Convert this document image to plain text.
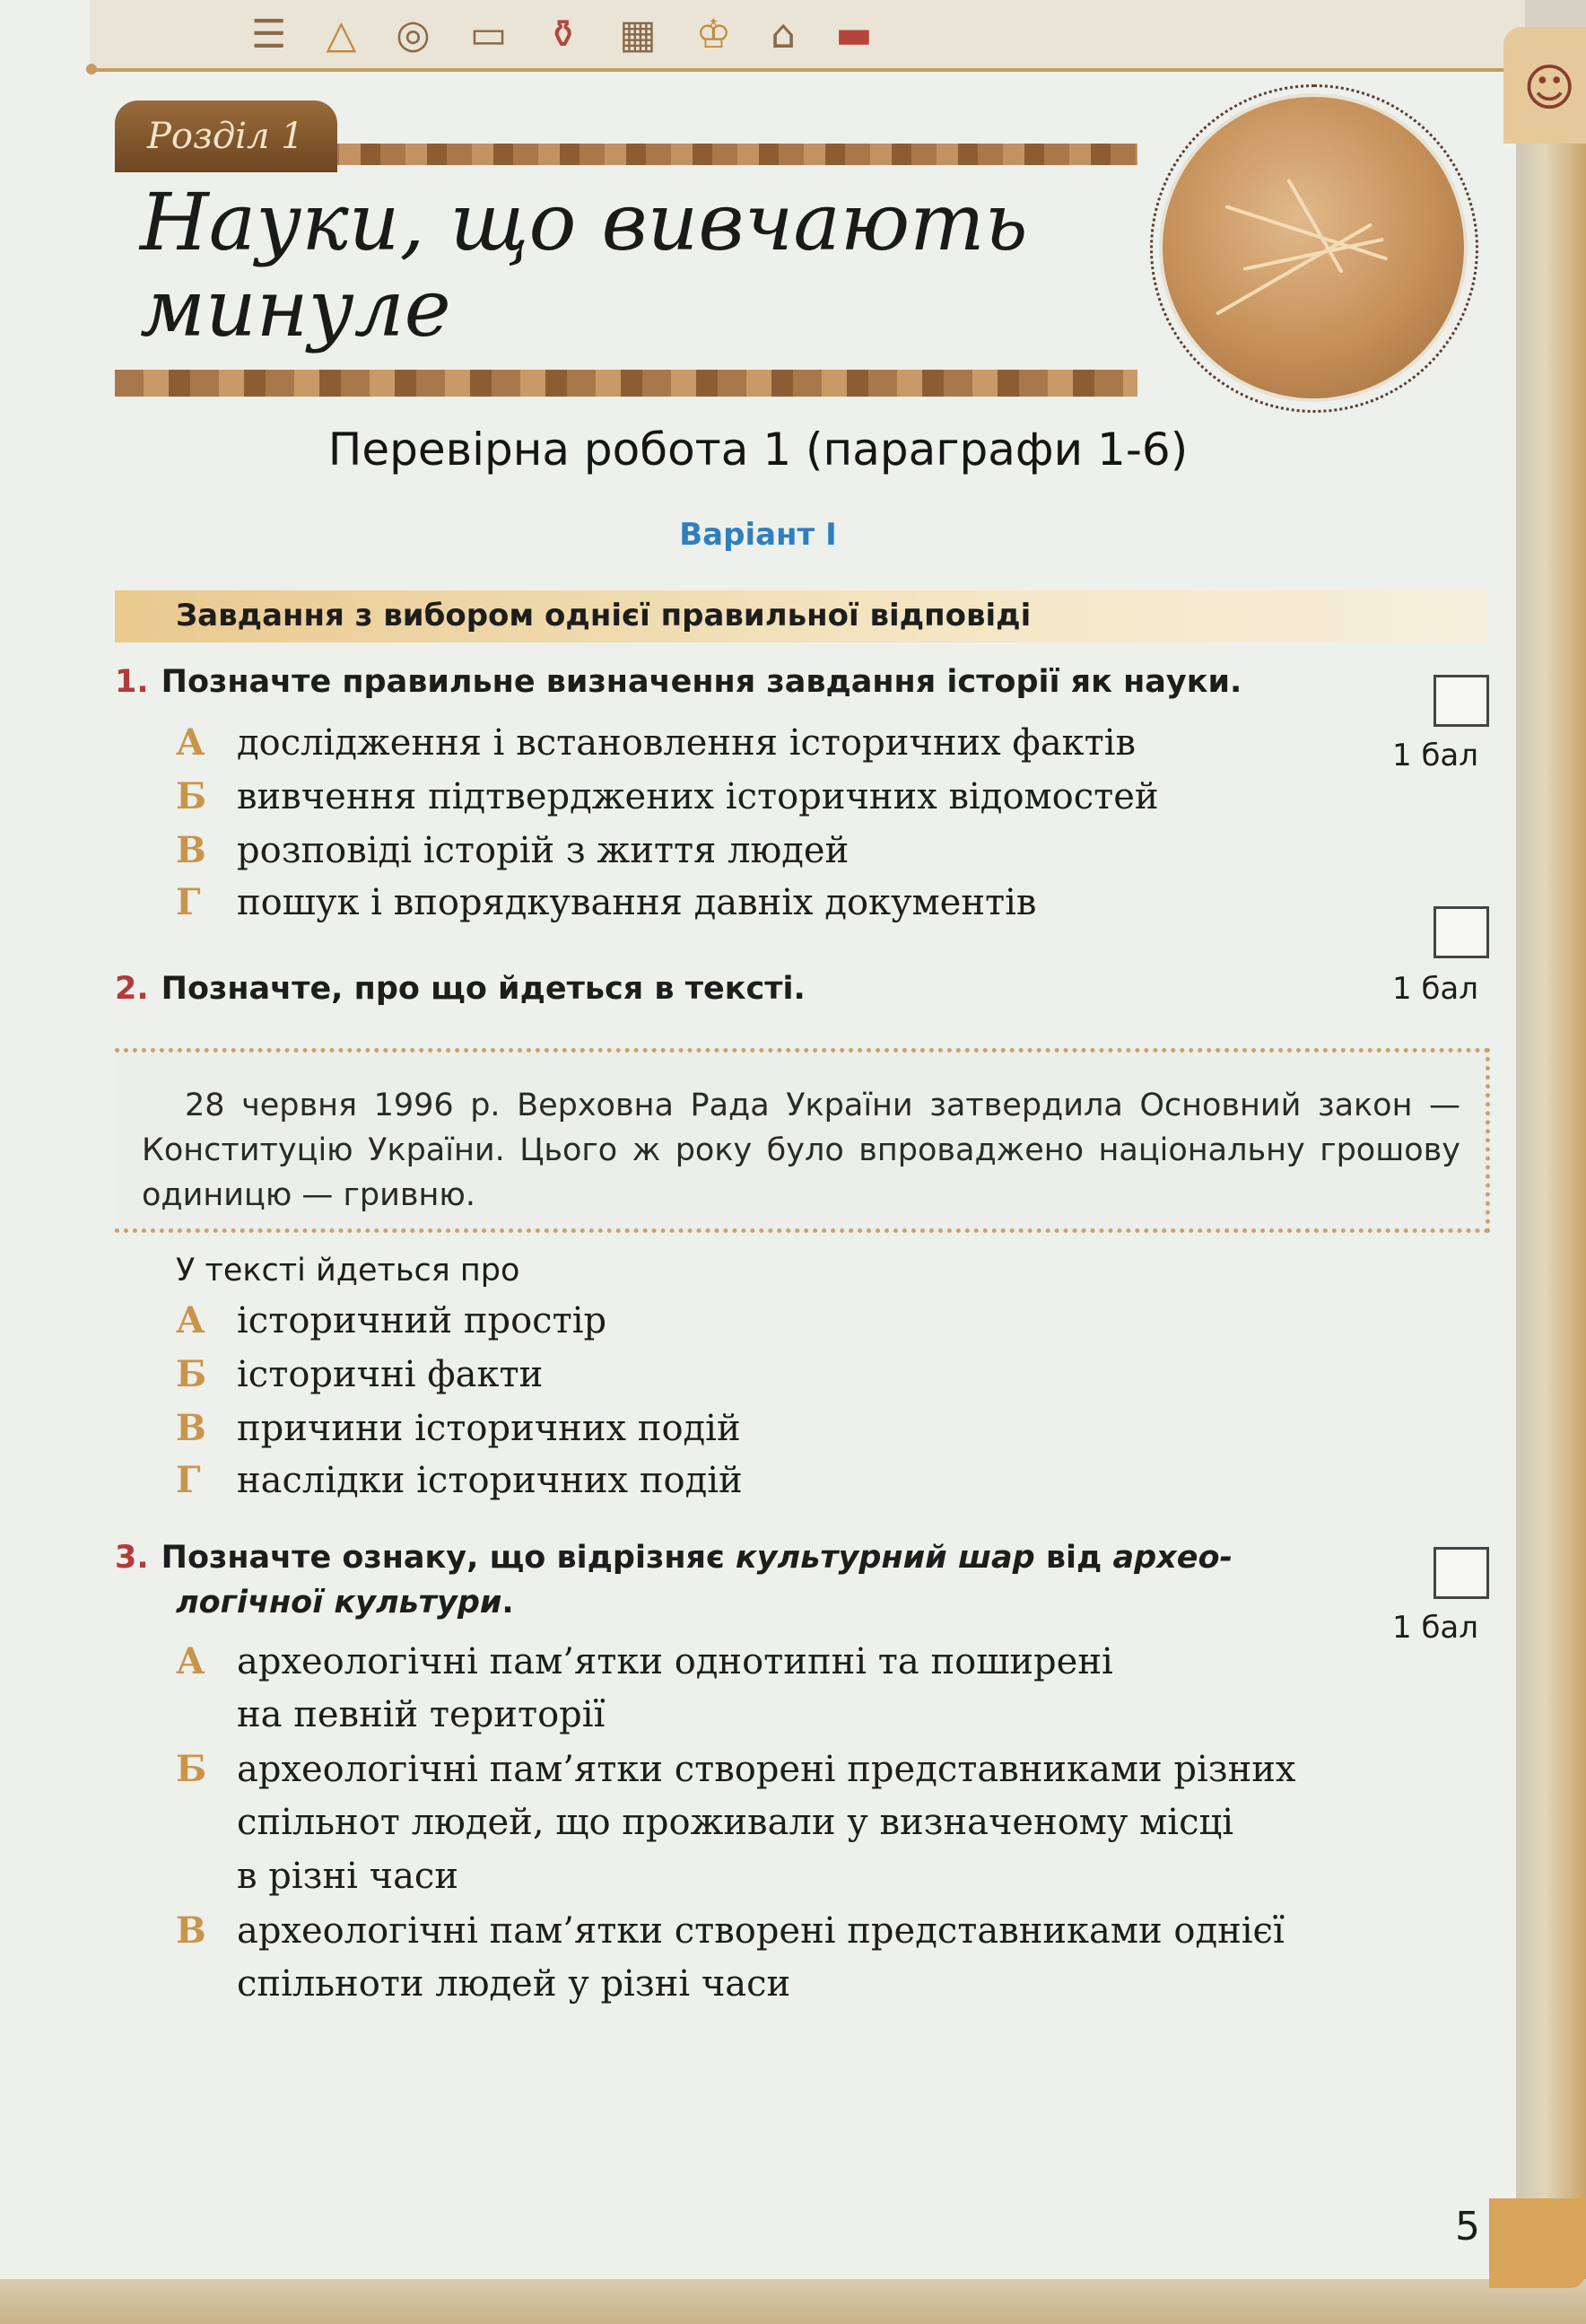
☰ △ ◎ ▭ ⚱ ▦ ♔ ⌂ ▬
☺
Розділ 1
Науки, що вивчають минуле
Перевірна робота 1 (параграфи 1-6)
Варіант I
Завдання з вибором однієї правильної відповіді
1. Позначте правильне визначення завдання історії як науки.
1 бал
А дослідження і встановлення історичних фактів
Б вивчення підтверджених історичних відомостей
В розповіді історій з життя людей
Г пошук і впорядкування давніх документів
2. Позначте, про що йдеться в тексті.	1 бал

28 червня 1996 р. Верховна Рада України затвердила Основний закон — Конституцію України. Цього ж року було впроваджено національну грошову одиницю — гривню.

У тексті йдеться про
А історичний простір
Б історичні факти
В причини історичних подій
Г наслідки історичних подій
3. Позначте ознаку, що відрізняє культурний шар від архео-
логічної культури.
1 бал
А археологічні пам’ятки однотипні та поширені
на певній території
Б археологічні пам’ятки створені представниками різних
спільнот людей, що проживали у визначеному місці
в різні часи
В археологічні пам’ятки створені представниками однієї
спільноти людей у різні часи
5
